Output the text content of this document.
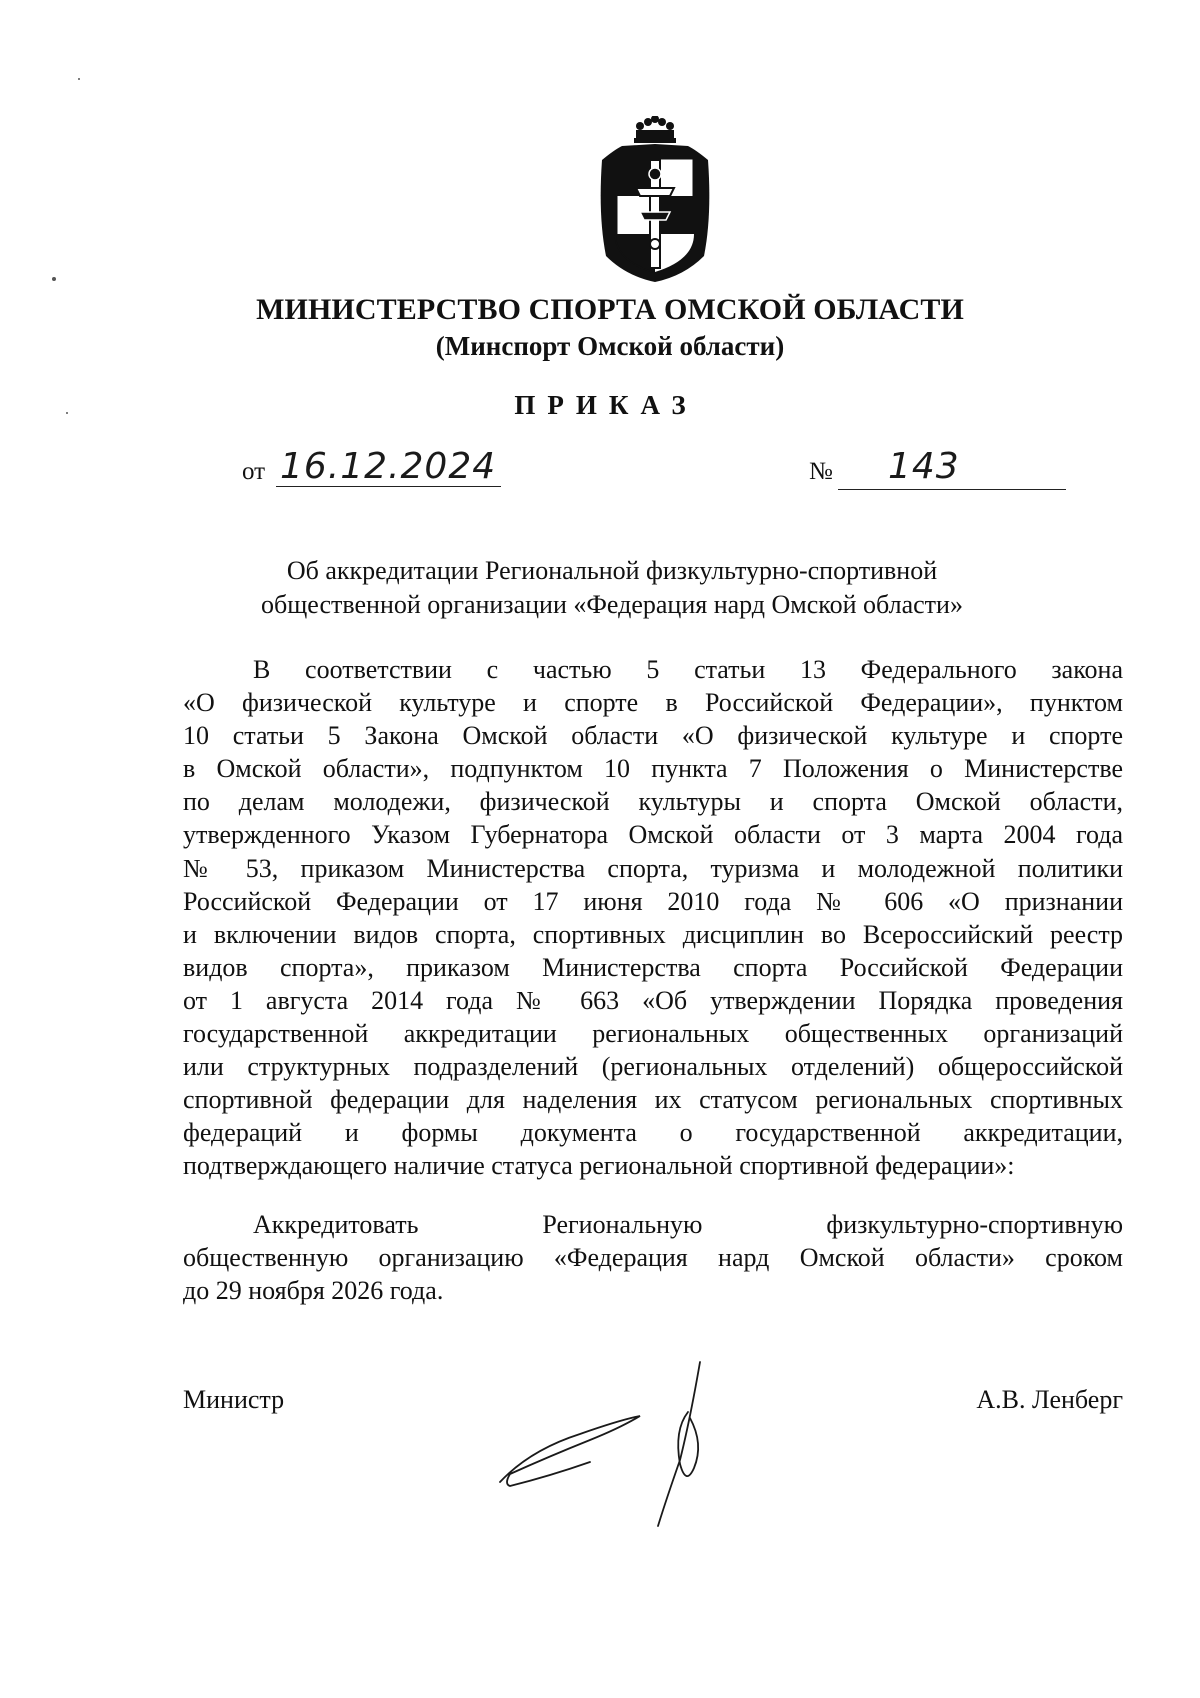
МИНИСТЕРСТВО СПОРТА ОМСКОЙ ОБЛАСТИ
(Минспорт Омской области)
ПРИКАЗ
от 16.12.2024	№ 143
Об аккредитации Региональной физкультурно-спортивной
общественной организации «Федерация нард Омской области»
В соответствии с частью 5 статьи 13 Федерального закона
«О физической культуре и спорте в Российской Федерации», пунктом
10 статьи 5 Закона Омской области «О физической культуре и спорте
в Омской области», подпунктом 10 пункта 7 Положения о Министерстве
по делам молодежи, физической культуры и спорта Омской области,
утвержденного Указом Губернатора Омской области от 3 марта 2004 года
№ 53, приказом Министерства спорта, туризма и молодежной политики
Российской Федерации от 17 июня 2010 года № 606 «О признании
и включении видов спорта, спортивных дисциплин во Всероссийский реестр
видов спорта», приказом Министерства спорта Российской Федерации
от 1 августа 2014 года № 663 «Об утверждении Порядка проведения
государственной аккредитации региональных общественных организаций
или структурных подразделений (региональных отделений) общероссийской
спортивной федерации для наделения их статусом региональных спортивных
федераций и формы документа о государственной аккредитации,
подтверждающего наличие статуса региональной спортивной федерации»:
Аккредитовать Региональную физкультурно-спортивную
общественную организацию «Федерация нард Омской области» сроком
до 29 ноября 2026 года.
Министр	А.В. Ленберг
